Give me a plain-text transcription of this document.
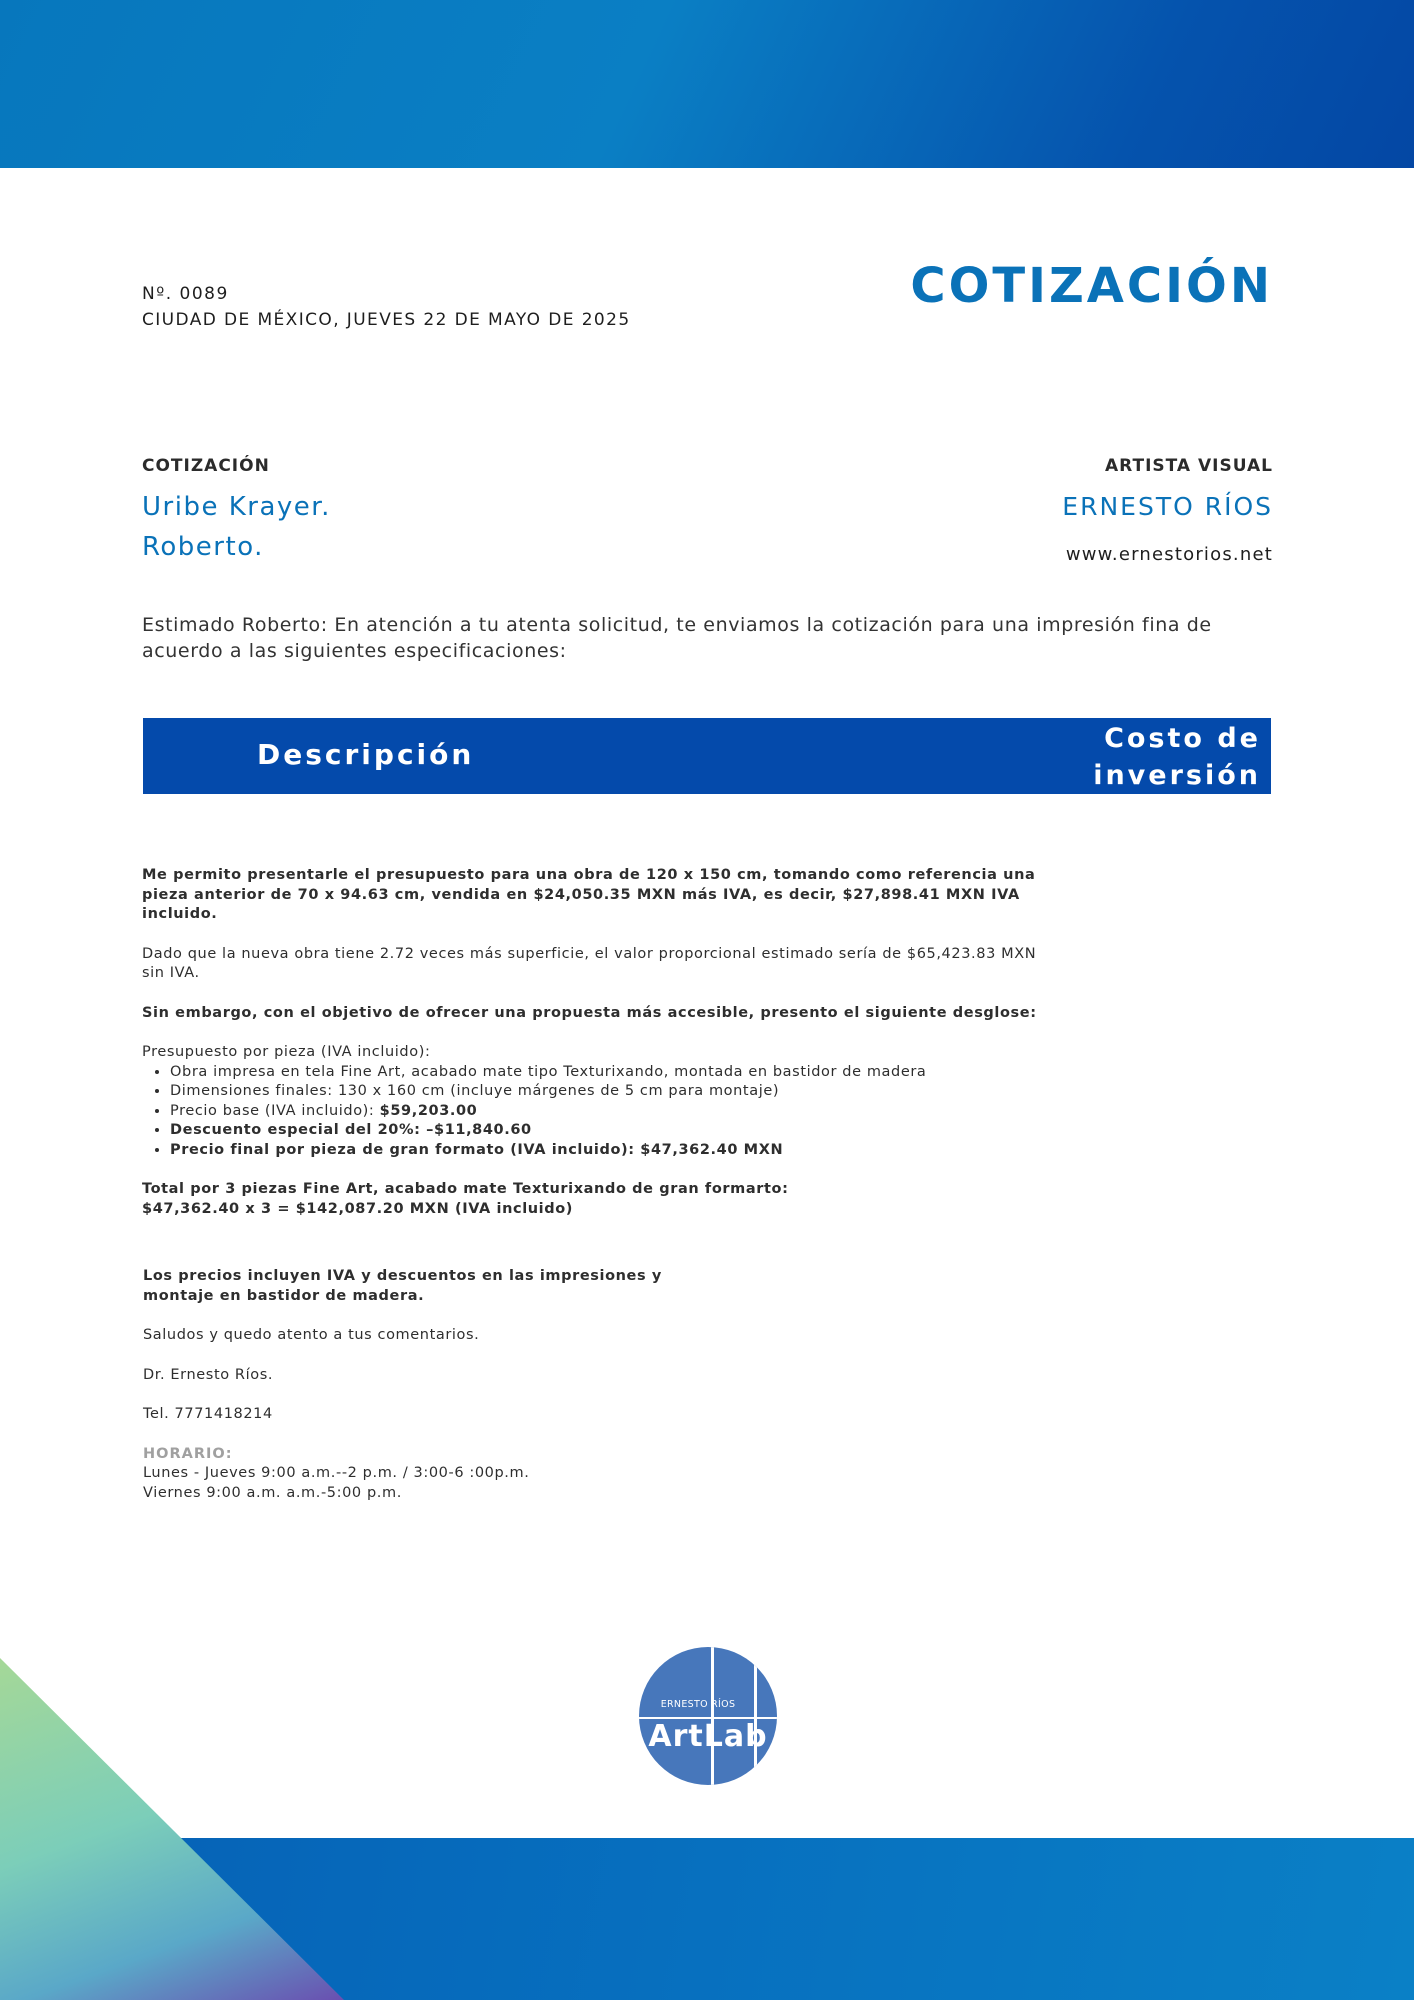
Nº. 0089
CIUDAD DE MÉXICO, JUEVES 22 DE MAYO DE 2025
COTIZACIÓN
COTIZACIÓN
Uribe Krayer.
Roberto.
ARTISTA VISUAL
ERNESTO RÍOS
www.ernestorios.net
Estimado Roberto: En atención a tu atenta solicitud, te enviamos la cotización para una impresión fina de acuerdo a las siguientes especificaciones:
Descripción	Costo de
inversión

Me permito presentarle el presupuesto para una obra de 120 x 150 cm, tomando como referencia una pieza anterior de 70 x 94.63 cm, vendida en $24,050.35 MXN más IVA, es decir, $27,898.41 MXN IVA incluido.

Dado que la nueva obra tiene 2.72 veces más superficie, el valor proporcional estimado sería de $65,423.83 MXN sin IVA.

Sin embargo, con el objetivo de ofrecer una propuesta más accesible, presento el siguiente desglose:

Presupuesto por pieza (IVA incluido):

• Obra impresa en tela Fine Art, acabado mate tipo Texturixando, montada en bastidor de madera
• Dimensiones finales: 130 x 160 cm (incluye márgenes de 5 cm para montaje)
• Precio base (IVA incluido): $59,203.00
• Descuento especial del 20%: –$11,840.60
• Precio final por pieza de gran formato (IVA incluido): $47,362.40 MXN
Total por 3 piezas Fine Art, acabado mate Texturixando de gran formarto:
$47,362.40 x 3 = $142,087.20 MXN (IVA incluido)

Los precios incluyen IVA y descuentos en las impresiones y
montaje en bastidor de madera.

Saludos y quedo atento a tus comentarios.

Dr. Ernesto Ríos.

Tel. 7771418214

HORARIO:
Lunes - Jueves 9:00 a.m.--2 p.m. / 3:00-6 :00p.m.
Viernes 9:00 a.m. a.m.-5:00 p.m.
ERNESTO RÍOS
ArtLab
